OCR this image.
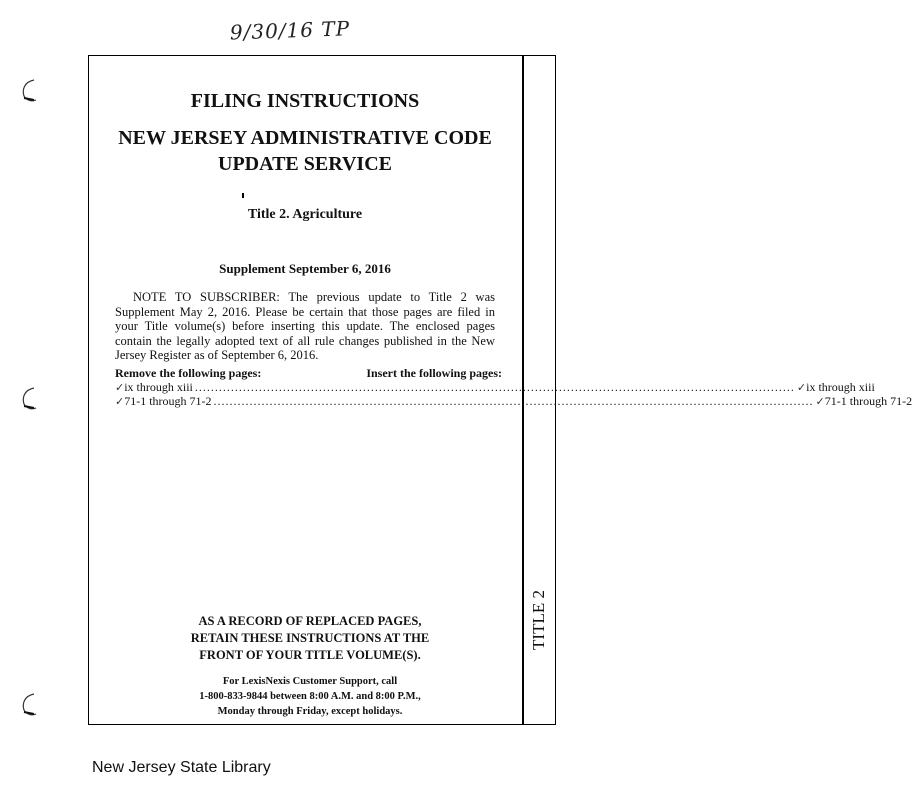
9/30/16 TP
FILING INSTRUCTIONS
NEW JERSEY ADMINISTRATIVE CODE
UPDATE SERVICE
Title 2. Agriculture
Supplement September 6, 2016
NOTE TO SUBSCRIBER: The previous update to Title 2 was Supplement May 2, 2016. Please be certain that those pages are filed in your Title volume(s) before inserting this update. The enclosed pages contain the legally adopted text of all rule changes published in the New Jersey Register as of September 6, 2016.
Remove the following pages:	Insert the following pages:
✓ ix through xiii ...................................................................................................................................................... ✓ ix through xiii
✓ 71-1 through 71-2 ...................................................................................................................................................... ✓ 71-1 through 71-2
AS A RECORD OF REPLACED PAGES,
RETAIN THESE INSTRUCTIONS AT THE
FRONT OF YOUR TITLE VOLUME(S).
For LexisNexis Customer Support, call
1-800-833-9844 between 8:00 A.M. and 8:00 P.M.,
Monday through Friday, except holidays.
TITLE 2
New Jersey State Library
